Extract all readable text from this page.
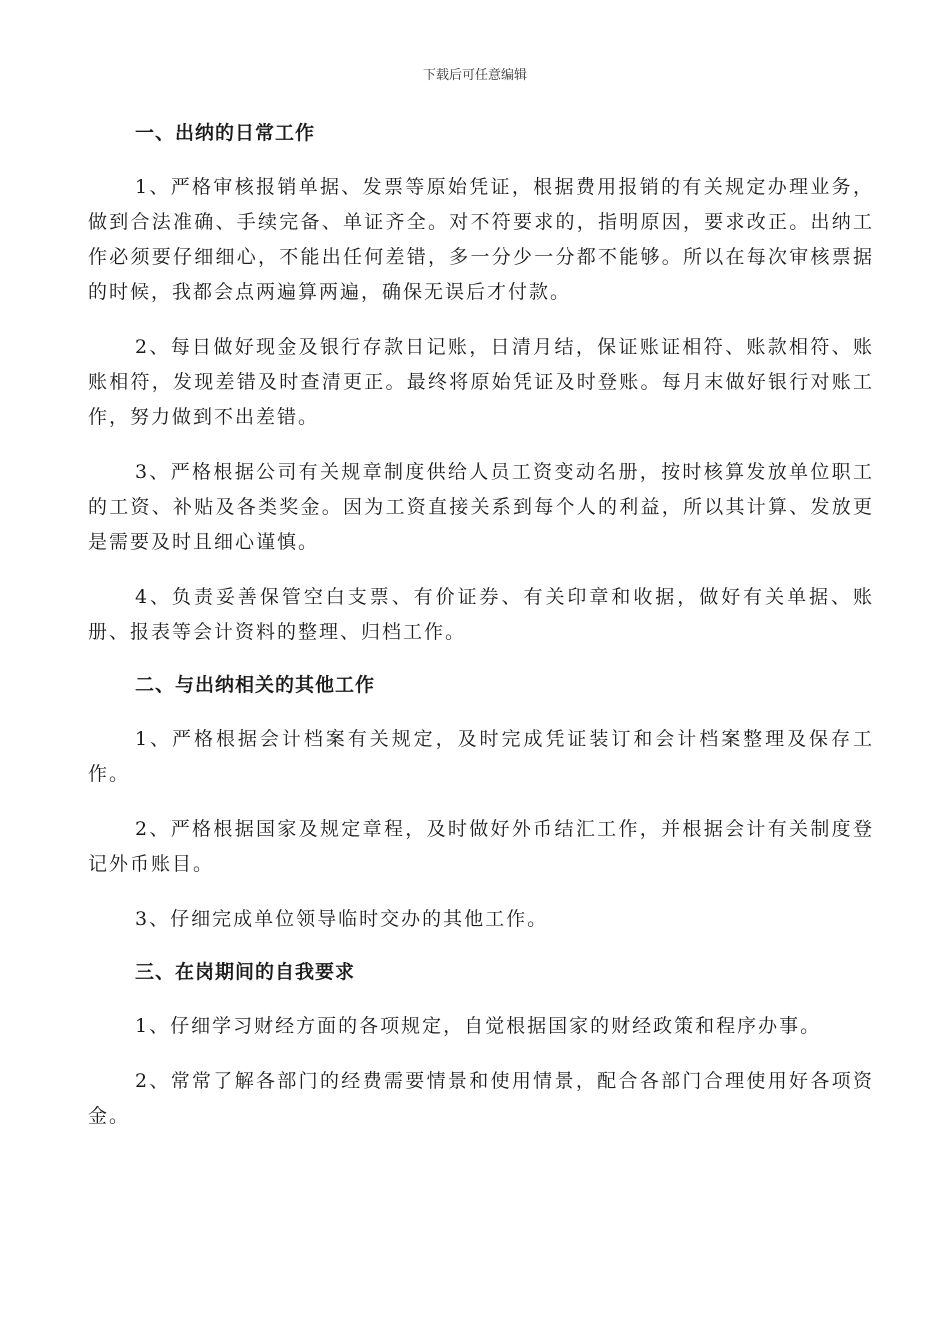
下载后可任意编辑
一、出纳的日常工作

1、严格审核报销单据、发票等原始凭证，根据费用报销的有关规定办理业务，做到合法准确、手续完备、单证齐全。对不符要求的，指明原因，要求改正。出纳工作必须要仔细细心，不能出任何差错，多一分少一分都不能够。所以在每次审核票据的时候，我都会点两遍算两遍，确保无误后才付款。

2、每日做好现金及银行存款日记账，日清月结，保证账证相符、账款相符、账账相符，发现差错及时查清更正。最终将原始凭证及时登账。每月末做好银行对账工作，努力做到不出差错。

3、严格根据公司有关规章制度供给人员工资变动名册，按时核算发放单位职工的工资、补贴及各类奖金。因为工资直接关系到每个人的利益，所以其计算、发放更是需要及时且细心谨慎。

4、负责妥善保管空白支票、有价证券、有关印章和收据，做好有关单据、账册、报表等会计资料的整理、归档工作。

二、与出纳相关的其他工作

1、严格根据会计档案有关规定，及时完成凭证装订和会计档案整理及保存工作。

2、严格根据国家及规定章程，及时做好外币结汇工作，并根据会计有关制度登记外币账目。

3、仔细完成单位领导临时交办的其他工作。

三、在岗期间的自我要求

1、仔细学习财经方面的各项规定，自觉根据国家的财经政策和程序办事。

2、常常了解各部门的经费需要情景和使用情景，配合各部门合理使用好各项资金。
